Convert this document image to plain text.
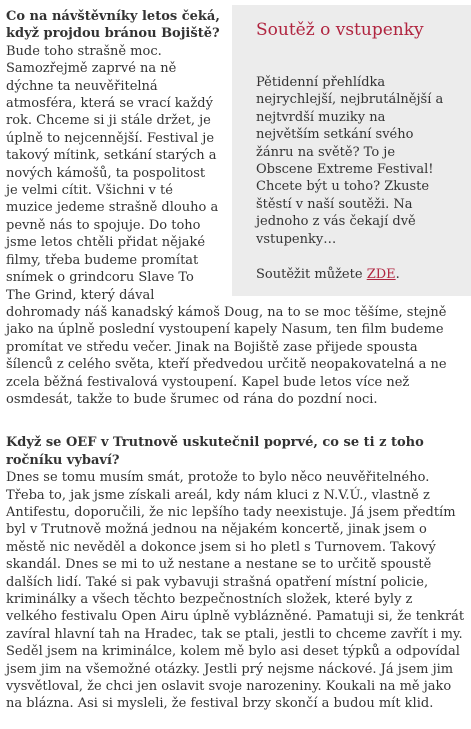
Soutěž o vstupenky

Pětidenní přehlídka nejrychlejší, nejbrutálnější a nejtvrdší muziky na největším setkání svého žánru na světě? To je Obscene Extreme Festival! Chcete být u toho? Zkuste štěstí v naší soutěži. Na jednoho z vás čekají dvě vstupenky…

Soutěžit můžete ZDE.

Co na návštěvníky letos čeká, když projdou bránou Bojiště?

Bude toho strašně moc. Samozřejmě zaprvé na ně dýchne ta neuvěřitelná atmosféra, která se vrací každý rok. Chceme si ji stále držet, je úplně to nejcennější. Festival je takový mítink, setkání starých a nových kámošů, ta pospolitost je velmi cítit. Všichni v té muzice jedeme strašně dlouho a pevně nás to spojuje. Do toho jsme letos chtěli přidat nějaké filmy, třeba budeme promítat snímek o grindcoru Slave To The Grind, který dával dohromady náš kanadský kámoš Doug, na to se moc těšíme, stejně jako na úplně poslední vystoupení kapely Nasum, ten film budeme promítat ve středu večer. Jinak na Bojiště zase přijede spousta šílenců z celého světa, kteří předvedou určitě neopakovatelná a ne zcela běžná festivalová vystoupení. Kapel bude letos více než osmdesát, takže to bude šrumec od rána do pozdní noci.

Když se OEF v Trutnově uskutečnil poprvé, co se ti z toho ročníku vybaví?

Dnes se tomu musím smát, protože to bylo něco neuvěřitelného. Třeba to, jak jsme získali areál, kdy nám kluci z N.V.Ú., vlastně z Antifestu, doporučili, že nic lepšího tady neexistuje. Já jsem předtím byl v Trutnově možná jednou na nějakém koncertě, jinak jsem o městě nic nevěděl a dokonce jsem si ho pletl s Turnovem. Takový skandál. Dnes se mi to už nestane a nestane se to určitě spoustě dalších lidí. Také si pak vybavuji strašná opatření místní policie, kriminálky a všech těchto bezpečnostních složek, které byly z velkého festivalu Open Airu úplně vyblázněné. Pamatuji si, že tenkrát zavíral hlavní tah na Hradec, tak se ptali, jestli to chceme zavřít i my. Seděl jsem na kriminálce, kolem mě bylo asi deset týpků a odpovídal jsem jim na všemožné otázky. Jestli prý nejsme náckové. Já jsem jim vysvětloval, že chci jen oslavit svoje narozeniny. Koukali na mě jako na blázna. Asi si mysleli, že festival brzy skončí a budou mít klid.
